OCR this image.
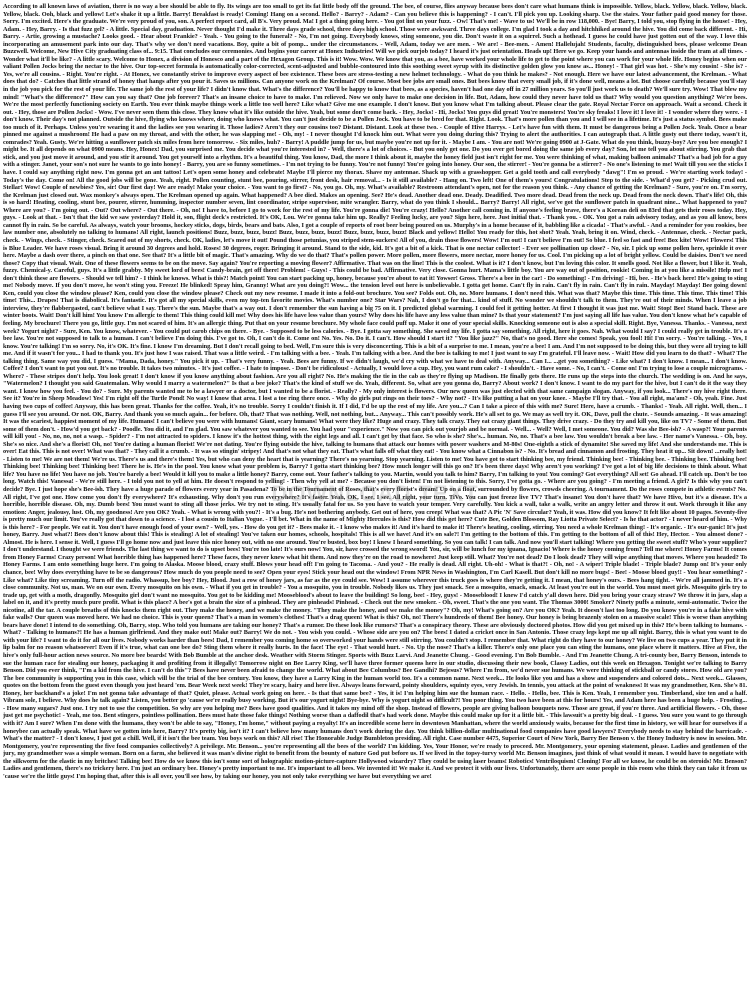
According to all known laws of aviation, there is no way a bee should be able to fly. Its wings are too small to get its fat little body off the ground. The bee, of course, flies anyway because bees don't care what humans think is impossible. Yellow, black. Yellow, black. Yellow, black. Yellow, black. Ooh, black and yellow! Let's shake it up a little. Barry! Breakfast is ready! Coming! Hang on a second. Hello? - Barry? - Adam? - Can you believe this is happening? - I can't. I'll pick you up. Looking sharp. Use the stairs. Your father paid good money for those. Sorry. I'm excited. Here's the graduate. We're very proud of you, son. A perfect report card, all B's. Very proud. Ma! I got a thing going here. - You got lint on your fuzz. - Ow! That's me! - Wave to us! We'll be in row 118,000. - Bye! Barry, I told you, stop flying in the house! - Hey, Adam. - Hey, Barry. - Is that fuzz gel? - A little. Special day, graduation. Never thought I'd make it. Three days grade school, three days high school. Those were awkward. Three days college. I'm glad I took a day and hitchhiked around the hive. You did come back different. - Hi, Barry. - Artie, growing a mustache? Looks good. - Hear about Frankie? - Yeah. - You going to the funeral? - No, I'm not going. Everybody knows, sting someone, you die. Don't waste it on a squirrel. Such a hothead. I guess he could have just gotten out of the way. I love this incorporating an amusement park into our day. That's why we don't need vacations. Boy, quite a bit of pomp... under the circumstances. - Well, Adam, today we are men. - We are! - Bee-men. - Amen! Hallelujah! Students, faculty, distinguished bees, please welcome Dean Buzzwell. Welcome, New Hive City graduating class of... 9:15. That concludes our ceremonies. And begins your career at Honex Industries! Will we pick ourjob today? I heard it's just orientation. Heads up! Here we go. Keep your hands and antennas inside the tram at all times. - Wonder what it'll be like? - A little scary. Welcome to Honex, a division of Honesco and a part of the Hexagon Group. This is it! Wow. Wow. We know that you, as a bee, have worked your whole life to get to the point where you can work for your whole life. Honey begins when our valiant Pollen Jocks bring the nectar to the hive. Our top-secret formula is automatically color-corrected, scent-adjusted and bubble-contoured into this soothing sweet syrup with its distinctive golden glow you know as... Honey! - That girl was hot. - She's my cousin! - She is? - Yes, we're all cousins. - Right. You're right. - At Honex, we constantly strive to improve every aspect of bee existence. These bees are stress-testing a new helmet technology. - What do you think he makes? - Not enough. Here we have our latest advancement, the Krelman. - What does that do? - Catches that little strand of honey that hangs after you pour it. Saves us millions. Can anyone work on the Krelman? Of course. Most bee jobs are small ones. But bees know that every small job, if it's done well, means a lot. But choose carefully because you'll stay in the job you pick for the rest of your life. The same job the rest of your life? I didn't know that. What's the difference? You'll be happy to know that bees, as a species, haven't had one day off in 27 million years. So you'll just work us to death? We'll sure try. Wow! That blew my mind! "What's the difference?" How can you say that? One job forever? That's an insane choice to have to make. I'm relieved. Now we only have to make one decision in life. But, Adam, how could they never have told us that? Why would you question anything? We're bees. We're the most perfectly functioning society on Earth. You ever think maybe things work a little too well here? Like what? Give me one example. I don't know. But you know what I'm talking about. Please clear the gate. Royal Nectar Force on approach. Wait a second. Check it out. - Hey, those are Pollen Jocks! - Wow. I've never seen them this close. They know what it's like outside the hive. Yeah, but some don't come back. - Hey, Jocks! - Hi, Jocks! You guys did great! You're monsters! You're sky freaks! I love it! I love it! - I wonder where they were. - I don't know. Their day's not planned. Outside the hive, flying who knows where, doing who knows what. You can't just decide to be a Pollen Jock. You have to be bred for that. Right. Look. That's more pollen than you and I will see in a lifetime. It's just a status symbol. Bees make too much of it. Perhaps. Unless you're wearing it and the ladies see you wearing it. Those ladies? Aren't they our cousins too? Distant. Distant. Look at these two. - Couple of Hive Harrys. - Let's have fun with them. It must be dangerous being a Pollen Jock. Yeah. Once a bear pinned me against a mushroom! He had a paw on my throat, and with the other, he was slapping me! - Oh, my! - I never thought I'd knock him out. What were you doing during this? Trying to alert the authorities. I can autograph that. A little gusty out there today, wasn't it, comrades? Yeah. Gusty. We're hitting a sunflower patch six miles from here tomorrow. - Six miles, huh? - Barry! A puddle jump for us, but maybe you're not up for it. - Maybe I am. - You are not! We're going 0900 at J-Gate. What do you think, buzzy-boy? Are you bee enough? I might be. It all depends on what 0900 means. Hey, Honex! Dad, you surprised me. You decide what you're interested in? - Well, there's a lot of choices. - But you only get one. Do you ever get bored doing the same job every day? Son, let me tell you about stirring. You grab that stick, and you just move it around, and you stir it around. You get yourself into a rhythm. It's a beautiful thing. You know, Dad, the more I think about it, maybe the honey field just isn't right for me. You were thinking of what, making balloon animals? That's a bad job for a guy with a stinger. Janet, your son's not sure he wants to go into honey! - Barry, you are so funny sometimes. - I'm not trying to be funny. You're not funny! You're going into honey. Our son, the stirrer! - You're gonna be a stirrer? - No one's listening to me! Wait till you see the sticks I have. I could say anything right now. I'm gonna get an ant tattoo! Let's open some honey and celebrate! Maybe I'll pierce my thorax. Shave my antennae. Shack up with a grasshopper. Get a gold tooth and call everybody "dawg"! I'm so proud. - We're starting work today! - Today's the day. Come on! All the good jobs will be gone. Yeah, right. Pollen counting, stunt bee, pouring, stirrer, front desk, hair removal... - Is it still available? - Hang on. Two left! One of them's yours! Congratulations! Step to the side. - What'd you get? - Picking crud out. Stellar! Wow! Couple of newbies? Yes, sir! Our first day! We are ready! Make your choice. - You want to go first? - No, you go. Oh, my. What's available? Restroom attendant's open, not for the reason you think. - Any chance of getting the Krelman? - Sure, you're on. I'm sorry, the Krelman just closed out. Wax monkey's always open. The Krelman opened up again. What happened? A bee died. Makes an opening. See? He's dead. Another dead one. Deady. Deadified. Two more dead. Dead from the neck up. Dead from the neck down. That's life! Oh, this is so hard! Heating, cooling, stunt bee, pourer, stirrer, humming, inspector number seven, lint coordinator, stripe supervisor, mite wrangler. Barry, what do you think I should... Barry? Barry! All right, we've got the sunflower patch in quadrant nine... What happened to you? Where are you? - I'm going out. - Out? Out where? - Out there. - Oh, no! I have to, before I go to work for the rest of my life. You're gonna die! You're crazy! Hello? Another call coming in. If anyone's feeling brave, there's a Korean deli on 83rd that gets their roses today. Hey, guys. - Look at that. - Isn't that the kid we saw yesterday? Hold it, son, flight deck's restricted. It's OK, Lou. We're gonna take him up. Really? Feeling lucky, are you? Sign here, here. Just initial that. - Thank you. - OK. You got a rain advisory today, and as you all know, bees cannot fly in rain. So be careful. As always, watch your brooms, hockey sticks, dogs, birds, bears and bats. Also, I got a couple of reports of root beer being poured on us. Murphy's in a home because of it, babbling like a cicada! - That's awful. - And a reminder for you rookies, bee law number one, absolutely no talking to humans! All right, launch positions! Buzz, buzz, buzz, buzz! Buzz, buzz, buzz, buzz! Buzz, buzz, buzz, buzz! Black and yellow! Hello! You ready for this, hot shot? Yeah. Yeah, bring it on. Wind, check. - Antennae, check. - Nectar pack, check. - Wings, check. - Stinger, check. Scared out of my shorts, check. OK, ladies, let's move it out! Pound those petunias, you striped stem-suckers! All of you, drain those flowers! Wow! I'm out! I can't believe I'm out! So blue. I feel so fast and free! Box kite! Wow! Flowers! This is Blue Leader. We have roses visual. Bring it around 30 degrees and hold. Roses! 30 degrees, roger. Bringing it around. Stand to the side, kid. It's got a bit of a kick. That is one nectar collector! - Ever see pollination up close? - No, sir. I pick up some pollen here, sprinkle it over here. Maybe a dash over there, a pinch on that one. See that? It's a little bit of magic. That's amazing. Why do we do that? That's pollen power. More pollen, more flowers, more nectar, more honey for us. Cool. I'm picking up a lot of bright yellow. Could be daisies. Don't we need those? Copy that visual. Wait. One of these flowers seems to be on the move. Say again? You're reporting a moving flower? Affirmative. That was on the line! This is the coolest. What is it? I don't know, but I'm loving this color. It smells good. Not like a flower, but I like it. Yeah, fuzzy. Chemical-y. Careful, guys. It's a little grabby. My sweet lord of bees! Candy-brain, get off there! Problem! - Guys! - This could be bad. Affirmative. Very close. Gonna hurt. Mama's little boy. You are way out of position, rookie! Coming in at you like a missile! Help me! I don't think these are flowers. - Should we tell him? - I think he knows. What is this?! Match point! You can start packing up, honey, because you're about to eat it! Yowser! Gross. There's a bee in the car! - Do something! - I'm driving! - Hi, bee. - He's back here! He's going to sting me! Nobody move. If you don't move, he won't sting you. Freeze! He blinked! Spray him, Granny! What are you doing?! Wow... the tension level out here is unbelievable. I gotta get home. Can't fly in rain. Can't fly in rain. Can't fly in rain. Mayday! Mayday! Bee going down! Ken, could you close the window please? Ken, could you close the window please? Check out my new resume. I made it into a fold-out brochure. You see? Folds out. Oh, no. More humans. I don't need this. What was that? Maybe this time. This time. This time. This time! This time! This... Drapes! That is diabolical. It's fantastic. It's got all my special skills, even my top-ten favorite movies. What's number one? Star Wars? Nah, I don't go for that... kind of stuff. No wonder we shouldn't talk to them. They're out of their minds. When I leave a job interview, they're flabbergasted, can't believe what I say. There's the sun. Maybe that's a way out. I don't remember the sun having a big 75 on it. I predicted global warming. I could feel it getting hotter. At first I thought it was just me. Wait! Stop! Bee! Stand back. These are winter boots. Wait! Don't kill him! You know I'm allergic to them! This thing could kill me! Why does his life have less value than yours? Why does his life have any less value than mine? Is that your statement? I'm just saying all life has value. You don't know what he's capable of feeling. My brochure! There you go, little guy. I'm not scared of him. It's an allergic thing. Put that on your resume brochure. My whole face could puff up. Make it one of your special skills. Knocking someone out is also a special skill. Right. Bye, Vanessa. Thanks. - Vanessa, next week? Yogurt night? - Sure, Ken. You know, whatever. - You could put carob chips on there. - Bye. - Supposed to be less calories. - Bye. I gotta say something. She saved my life. I gotta say something. All right, here it goes. Nah. What would I say? I could really get in trouble. It's a bee law. You're not supposed to talk to a human. I can't believe I'm doing this. I've got to. Oh, I can't do it. Come on! No. Yes. No. Do it. I can't. How should I start it? "You like jazz?" No, that's no good. Here she comes! Speak, you fool! Hi! I'm sorry. - You're talking. - Yes, I know. You're talking! I'm so sorry. No, it's OK. It's fine. I know I'm dreaming. But I don't recall going to bed. Well, I'm sure this is very disconcerting. This is a bit of a surprise to me. I mean, you're a bee! I am. And I'm not supposed to be doing this, but they were all trying to kill me. And if it wasn't for you... I had to thank you. It's just how I was raised. That was a little weird. - I'm talking with a bee. - Yeah. I'm talking with a bee. And the bee is talking to me! I just want to say I'm grateful. I'll leave now. - Wait! How did you learn to do that? - What? The talking thing. Same way you did, I guess. "Mama, Dada, honey." You pick it up. - That's very funny. - Yeah. Bees are funny. If we didn't laugh, we'd cry with what we have to deal with. Anyway... Can I... ...get you something? - Like what? I don't know. I mean... I don't know. Coffee? I don't want to put you out. It's no trouble. It takes two minutes. - It's just coffee. - I hate to impose. - Don't be ridiculous! - Actually, I would love a cup. Hey, you want rum cake? - I shouldn't. - Have some. - No, I can't. - Come on! I'm trying to lose a couple micrograms. - Where? - These stripes don't help. You look great! I don't know if you know anything about fashion. Are you all right? No. He's making the tie in the cab as they're flying up Madison. He finally gets there. He runs up the steps into the church. The wedding is on. And he says, "Watermelon? I thought you said Guatemalan. Why would I marry a watermelon?" Is that a bee joke? That's the kind of stuff we do. Yeah, different. So, what are you gonna do, Barry? About work? I don't know. I want to do my part for the hive, but I can't do it the way they want. I know how you feel. - You do? - Sure. My parents wanted me to be a lawyer or a doctor, but I wanted to be a florist. - Really? - My only interest is flowers. Our new queen was just elected with that same campaign slogan. Anyway, if you look... There's my hive right there. See it? You're in Sheep Meadow! Yes! I'm right off the Turtle Pond! No way! I know that area. I lost a toe ring there once. - Why do girls put rings on their toes? - Why not? - It's like putting a hat on your knee. - Maybe I'll try that. - You all right, ma'am? - Oh, yeah. Fine. Just having two cups of coffee! Anyway, this has been great. Thanks for the coffee. Yeah, it's no trouble. Sorry I couldn't finish it. If I did, I'd be up the rest of my life. Are you...? Can I take a piece of this with me? Sure! Here, have a crumb. - Thanks! - Yeah. All right. Well, then... I guess I'll see you around. Or not. OK, Barry. And thank you so much again... for before. Oh, that? That was nothing. Well, not nothing, but... Anyway... This can't possibly work. He's all set to go. We may as well try it. OK, Dave, pull the chute. - Sounds amazing. - It was amazing! It was the scariest, happiest moment of my life. Humans! I can't believe you were with humans! Giant, scary humans! What were they like? Huge and crazy. They talk crazy. They eat crazy giant things. They drive crazy. - Do they try and kill you, like on TV? - Some of them. But some of them don't. - How'd you get back? - Poodle. You did it, and I'm glad. You saw whatever you wanted to see. You had your "experience." Now you can pick out yourjob and be normal. - Well... - Well? Well, I met someone. You did? Was she Bee-ish? - A wasp?! Your parents will kill you! - No, no, no, not a wasp. - Spider? - I'm not attracted to spiders. I know it's the hottest thing, with the eight legs and all. I can't get by that face. So who is she? She's... human. No, no. That's a bee law. You wouldn't break a bee law. - Her name's Vanessa. - Oh, boy. She's so nice. And she's a florist! Oh, no! You're dating a human florist! We're not dating. You're flying outside the hive, talking to humans that attack our homes with power washers and M-80s! One-eighth a stick of dynamite! She saved my life! And she understands me. This is over! Eat this. This is not over! What was that? - They call it a crumb. - It was so stingin' stripey! And that's not what they eat. That's what falls off what they eat! - You know what a Cinnabon is? - No. It's bread and cinnamon and frosting. They heat it up... Sit down! ...really hot! - Listen to me! We are not them! We're us. There's us and there's them! Yes, but who can deny the heart that is yearning? There's no yearning. Stop yearning. Listen to me! You have got to start thinking bee, my friend. Thinking bee! - Thinking bee. - Thinking bee. Thinking bee! Thinking bee! Thinking bee! Thinking bee! There he is. He's in the pool. You know what your problem is, Barry? I gotta start thinking bee? How much longer will this go on? It's been three days! Why aren't you working? I've got a lot of big life decisions to think about. What life? You have no life! You have no job. You're barely a bee! Would it kill you to make a little honey? Barry, come out. Your father's talking to you. Martin, would you talk to him? Barry, I'm talking to you! You coming? Got everything? All set! Go ahead. I'll catch up. Don't be too long. Watch this! Vanessa! - We're still here. - I told you not to yell at him. He doesn't respond to yelling! - Then why yell at me? - Because you don't listen! I'm not listening to this. Sorry, I've gotta go. - Where are you going? - I'm meeting a friend. A girl? Is this why you can't decide? Bye. I just hope she's Bee-ish. They have a huge parade of flowers every year in Pasadena? To be in the Tournament of Roses, that's every florist's dream! Up on a float, surrounded by flowers, crowds cheering. A tournament. Do the roses compete in athletic events? No. All right, I've got one. How come you don't fly everywhere? It's exhausting. Why don't you run everywhere? It's faster. Yeah, OK, I see, I see. All right, your turn. TiVo. You can just freeze live TV? That's insane! You don't have that? We have Hivo, but it's a disease. It's a horrible, horrible disease. Oh, my. Dumb bees! You must want to sting all those jerks. We try not to sting. It's usually fatal for us. So you have to watch your temper. Very carefully. You kick a wall, take a walk, write an angry letter and throw it out. Work through it like any emotion: Anger, jealousy, lust. Oh, my goodness! Are you OK? Yeah. - What is wrong with you?! - It's a bug. He's not bothering anybody. Get out of here, you creep! What was that? A Pic 'N' Save circular? Yeah, it was. How did you know? It felt like about 10 pages. Seventy-five is pretty much our limit. You've really got that down to a science. - I lost a cousin to Italian Vogue. - I'll bet. What in the name of Mighty Hercules is this? How did this get here? Cute Bee, Golden Blossom, Ray Liotta Private Select? - Is he that actor? - I never heard of him. - Why is this here? - For people. We eat it. You don't have enough food of your own? - Well, yes. - How do you get it? - Bees make it. - I know who makes it! And it's hard to make it! There's heating, cooling, stirring. You need a whole Krelman thing! - It's organic. - It's our-ganic! It's just honey, Barry. Just what?! Bees don't know about this! This is stealing! A lot of stealing! You've taken our homes, schools, hospitals! This is all we have! And it's on sale?! I'm getting to the bottom of this. I'm getting to the bottom of all of this! Hey, Hector. - You almost done? - Almost. He is here. I sense it. Well, I guess I'll go home now and just leave this nice honey out, with no one around. You're busted, box boy! I knew I heard something. So you can talk! I can talk. And now you'll start talking! Where you getting the sweet stuff? Who's your supplier? I don't understand. I thought we were friends. The last thing we want to do is upset bees! You're too late! It's ours now! You, sir, have crossed the wrong sword! You, sir, will be lunch for my iguana, Ignacio! Where is the honey coming from? Tell me where! Honey Farms! It comes from Honey Farms! Crazy person! What horrible thing has happened here? These faces, they never knew what hit them. And now they're on the road to nowhere! Just keep still. What? You're not dead? Do I look dead? They will wipe anything that moves. Where you headed? To Honey Farms. I am onto something huge here. I'm going to Alaska. Moose blood, crazy stuff. Blows your head off! I'm going to Tacoma. - And you? - He really is dead. All right. Uh-oh! - What is that?! - Oh, no! - A wiper! Triple blade! - Triple blade? Jump on! It's your only chance, bee! Why does everything have to be so dangerous? How much do you people need to see? Open your eyes! Stick your head out the window! From NPR News in Washington, I'm Carl Kasell. But don't kill no more bugs! - Bee! - Moose blood guy!! - You hear something? - Like what? Like tiny screaming. Turn off the radio. Whassup, bee boy? Hey, Blood. Just a row of honey jars, as far as the eye could see. Wow! I assume wherever this truck goes is where they're getting it. I mean, that honey's ours. - Bees hang tight. - We're all jammed in. It's a close community. Not us, man. We on our own. Every mosquito on his own. - What if you get in trouble? - You a mosquito, you in trouble. Nobody likes us. They just smack. See a mosquito, smack, smack. At least you're out in the world. You must meet girls. Mosquito girls try to trade up, get with a moth, dragonfly. Mosquito girl don't want no mosquito. You got to be kidding me! Mooseblood's about to leave the building! So long, bee! - Hey, guys! - Mooseblood! I knew I'd catch y'all down here. Did you bring your crazy straw? We throw it in jars, slap a label on it, and it's pretty much pure profit. What is this place? A bee's got a brain the size of a pinhead. They are pinheads! Pinhead. - Check out the new smoker. - Oh, sweet. That's the one you want. The Thomas 3000! Smoker? Ninety puffs a minute, semi-automatic. Twice the nicotine, all the tar. A couple breaths of this knocks them right out. They make the honey, and we make the money. "They make the honey, and we make the money"? Oh, my! What's going on? Are you OK? Yeah. It doesn't last too long. Do you know you're in a fake hive with fake walls? Our queen was moved here. We had no choice. This is your queen? That's a man in women's clothes! That's a drag queen! What is this? Oh, no! There's hundreds of them! Bee honey. Our honey is being brazenly stolen on a massive scale! This is worse than anything bears have done! I intend to do something. Oh, Barry, stop. Who told you humans are taking our honey? That's a rumor. Do these look like rumors? That's a conspiracy theory. These are obviously doctored photos. How did you get mixed up in this? He's been talking to humans. - What? - Talking to humans?! He has a human girlfriend. And they make out! Make out? Barry! We do not. - You wish you could. - Whose side are you on? The bees! I dated a cricket once in San Antonio. Those crazy legs kept me up all night. Barry, this is what you want to do with your life? I want to do it for all our lives. Nobody works harder than bees! Dad, I remember you coming home so overworked your hands were still stirring. You couldn't stop. I remember that. What right do they have to our honey? We live on two cups a year. They put it in lip balm for no reason whatsoever! Even if it's true, what can one bee do? Sting them where it really hurts. In the face! The eye! - That would hurt. - No. Up the nose? That's a killer. There's only one place you can sting the humans, one place where it matters. Hive at Five, the hive's only full-hour action news source. No more bee beards! With Bob Bumble at the anchor desk. Weather with Storm Stinger. Sports with Buzz Larvi. And Jeanette Chung. - Good evening. I'm Bob Bumble. - And I'm Jeanette Chung. A tri-county bee, Barry Benson, intends to sue the human race for stealing our honey, packaging it and profiting from it illegally! Tomorrow night on Bee Larry King, we'll have three former queens here in our studio, discussing their new book, Classy Ladies, out this week on Hexagon. Tonight we're talking to Barry Benson. Did you ever think, "I'm a kid from the hive. I can't do this"? Bees have never been afraid to change the world. What about Bee Columbus? Bee Gandhi? Bejesus? Where I'm from, we'd never sue humans. We were thinking of stickball or candy stores. How old are you? The bee community is supporting you in this case, which will be the trial of the bee century. You know, they have a Larry King in the human world too. It's a common name. Next week... He looks like you and has a show and suspenders and colored dots... Next week... Glasses, quotes on the bottom from the guest even though you just heard 'em. Bear Week next week! They're scary, hairy and here live. Always leans forward, pointy shoulders, squinty eyes, very Jewish. In tennis, you attack at the point of weakness! It was my grandmother, Ken. She's 81. Honey, her backhand's a joke! I'm not gonna take advantage of that? Quiet, please. Actual work going on here. - Is that that same bee? - Yes, it is! I'm helping him sue the human race. - Hello. - Hello, bee. This is Ken. Yeah, I remember you. Timberland, size ten and a half. Vibram sole, I believe. Why does he talk again? Listen, you better go 'cause we're really busy working. But it's our yogurt night! Bye-bye. Why is yogurt night so difficult?! You poor thing. You two have been at this for hours! Yes, and Adam here has been a huge help. - Frosting... - How many sugars? Just one. I try not to use the competition. So why are you helping me? Bees have good qualities. And it takes my mind off the shop. Instead of flowers, people are giving balloon bouquets now. Those are great, if you're three. And artificial flowers. - Oh, those just get me psychotic! - Yeah, me too. Bent stingers, pointless pollination. Bees must hate those fake things! Nothing worse than a daffodil that's had work done. Maybe this could make up for it a little bit. - This lawsuit's a pretty big deal. - I guess. You sure you want to go through with it? Am I sure? When I'm done with the humans, they won't be able to say, "Honey, I'm home," without paying a royalty! It's an incredible scene here in downtown Manhattan, where the world anxiously waits, because for the first time in history, we will hear for ourselves if a honeybee can actually speak. What have we gotten into here, Barry? It's pretty big, isn't it? I can't believe how many humans don't work during the day. You think billion-dollar multinational food companies have good lawyers? Everybody needs to stay behind the barricade. - What's the matter? - I don't know, I just got a chill. Well, if it isn't the bee team. You boys work on this? All rise! The Honorable Judge Bumbleton presiding. All right. Case number 4475, Superior Court of New York, Barry Bee Benson v. the Honey Industry is now in session. Mr. Montgomery, you're representing the five food companies collectively? A privilege. Mr. Benson... you're representing all the bees of the world? I'm kidding. Yes, Your Honor, we're ready to proceed. Mr. Montgomery, your opening statement, please. Ladies and gentlemen of the jury, my grandmother was a simple woman. Born on a farm, she believed it was man's divine right to benefit from the bounty of nature God put before us. If we lived in the topsy-turvy world Mr. Benson imagines, just think of what would it mean. I would have to negotiate with the silkworm for the elastic in my britches! Talking bee! How do we know this isn't some sort of holographic motion-picture-capture Hollywood wizardry? They could be using laser beams! Robotics! Ventriloquism! Cloning! For all we know, he could be on steroids! Mr. Benson? Ladies and gentlemen, there's no trickery here. I'm just an ordinary bee. Honey's pretty important to me. It's important to all bees. We invented it! We make it. And we protect it with our lives. Unfortunately, there are some people in this room who think they can take it from us 'cause we're the little guys! I'm hoping that, after this is all over, you'll see how, by taking our honey, you not only take everything we have but everything we are!

DOWNLOAD TEXT
